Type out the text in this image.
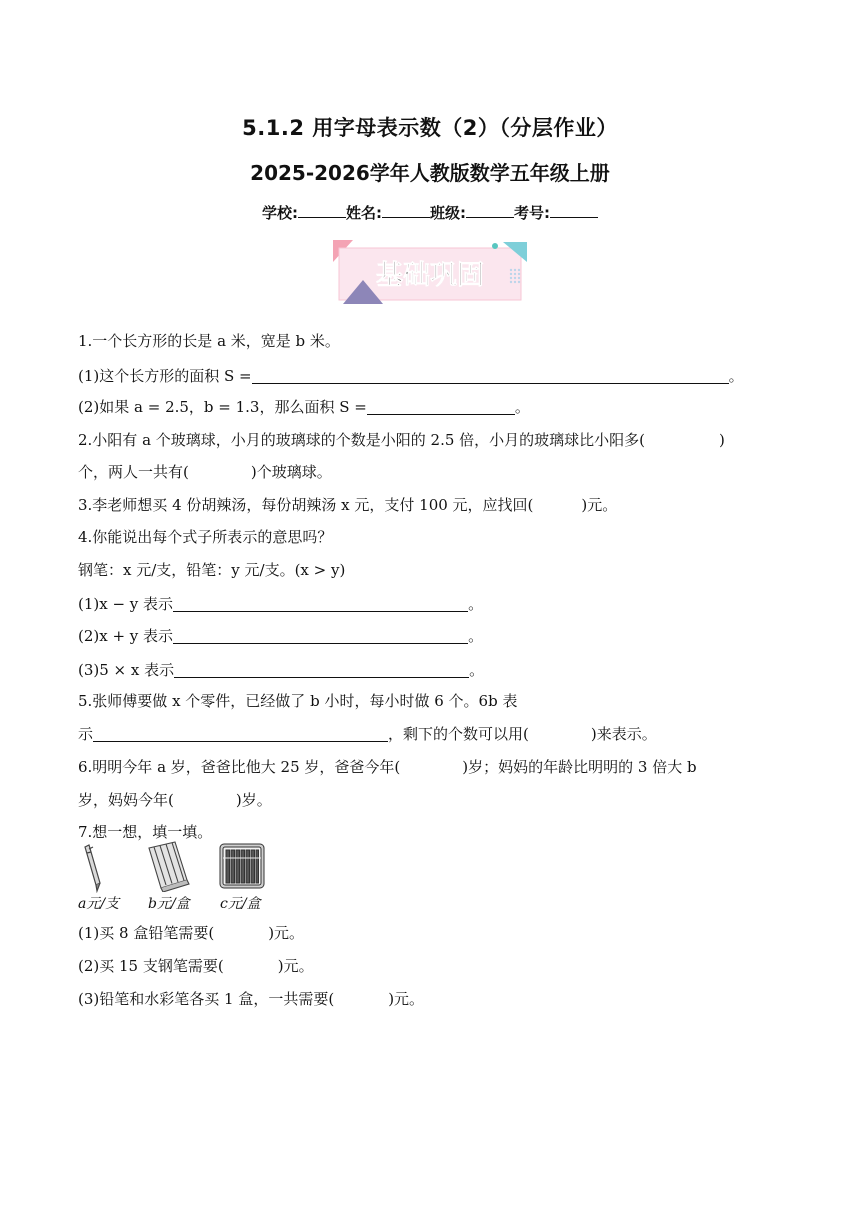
5.1.2 用字母表示数（2）（分层作业）
2025-2026学年人教版数学五年级上册
学校:	姓名:	班级:	考号:
基础巩固
1.一个长方形的长是 a 米，宽是 b 米。
(1)这个长方形的面积 S =	。
(2)如果 a = 2.5，b = 1.3，那么面积 S =	。
2.小阳有 a 个玻璃球，小月的玻璃球的个数是小阳的 2.5 倍，小月的玻璃球比小阳多(	)
个，两人一共有(	)个玻璃球。
3.李老师想买 4 份胡辣汤，每份胡辣汤 x 元，支付 100 元，应找回(	)元。
4.你能说出每个式子所表示的意思吗？
钢笔：x 元/支，铅笔：y 元/支。(x > y)
(1)x − y 表示	。
(2)x + y 表示	。
(3)5 × x 表示	。
5.张师傅要做 x 个零件，已经做了 b 小时，每小时做 6 个。6b 表
示	，剩下的个数可以用(	)来表示。
6.明明今年 a 岁，爸爸比他大 25 岁，爸爸今年(	)岁；妈妈的年龄比明明的 3 倍大 b
岁，妈妈今年(	)岁。
7.想一想，填一填。
a元/支 b元/盒 c元/盒
(1)买 8 盒铅笔需要(	)元。
(2)买 15 支钢笔需要(	)元。
(3)铅笔和水彩笔各买 1 盒，一共需要(	)元。
